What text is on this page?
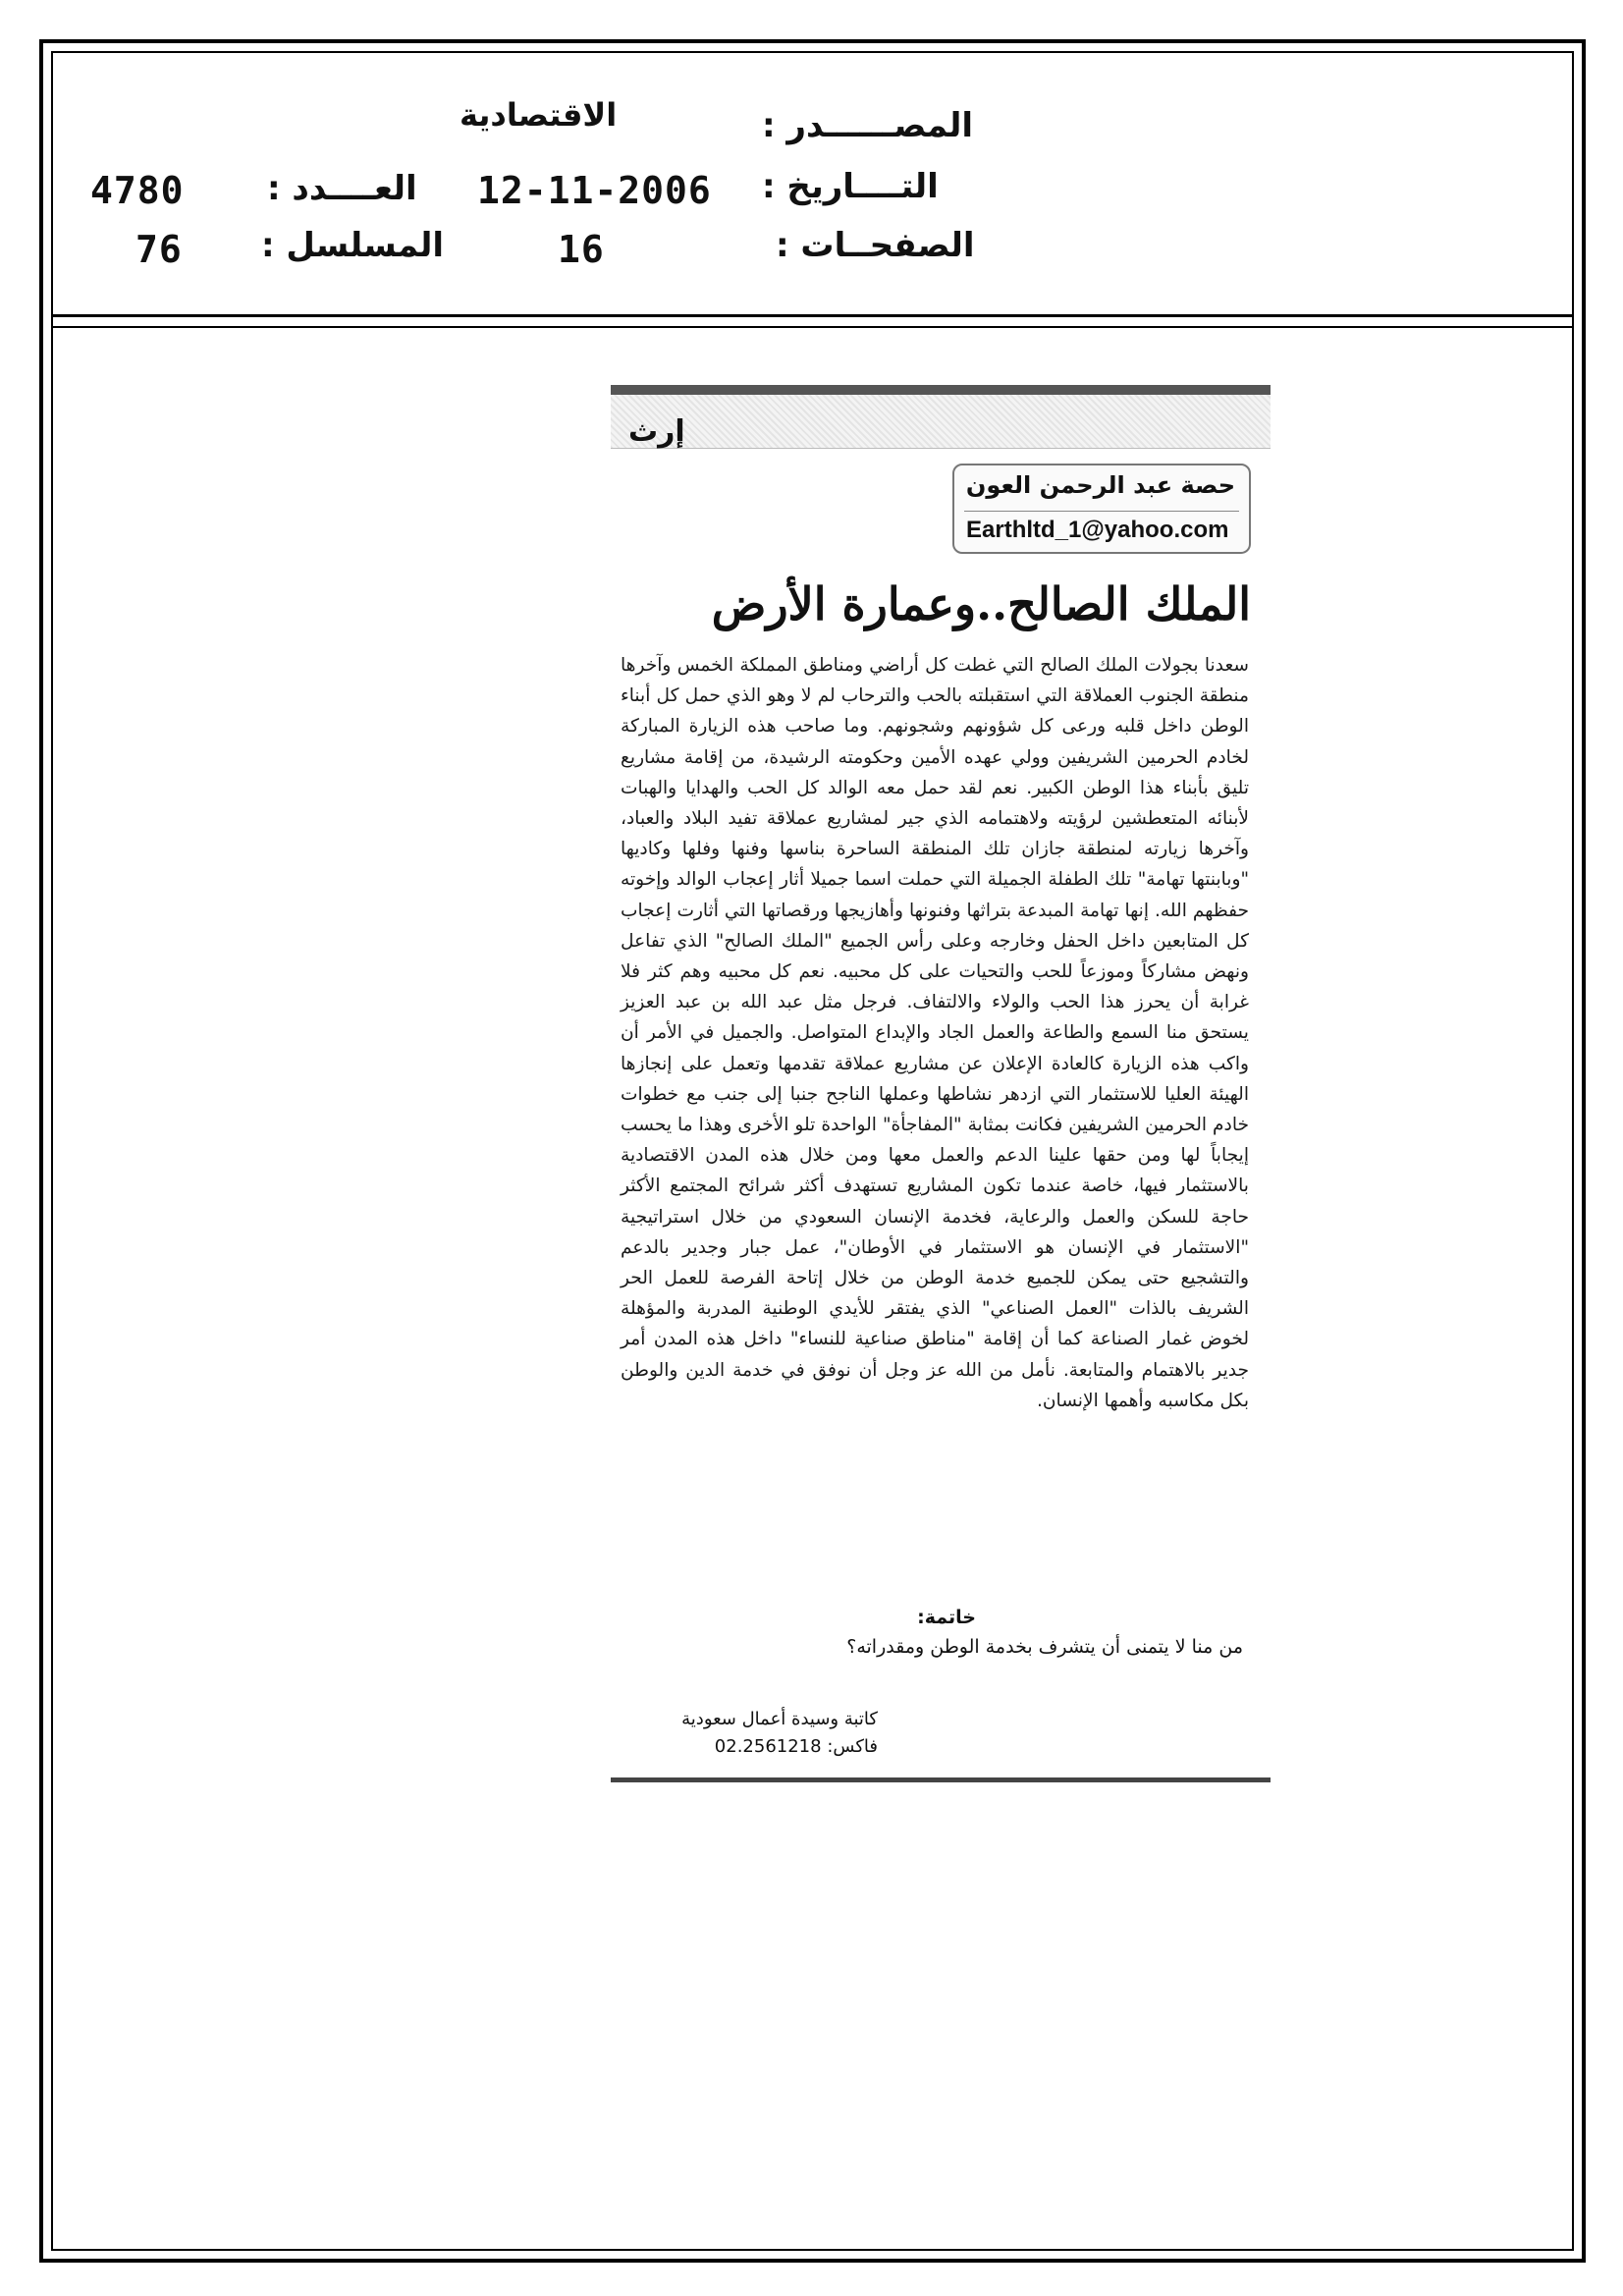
المصــــــدر :
الاقتصادية
التــــاريخ :
12-11-2006
الصفحــات :
16
العــــدد :
4780
المسلسل :
76
إرث
حصة عبد الرحمن العون
Earthltd_1@yahoo.com
الملك الصالح..وعمارة الأرض
سعدنا بجولات الملك الصالح التي غطت كل أراضي ومناطق المملكة الخمس وآخرها منطقة الجنوب العملاقة التي استقبلته بالحب والترحاب لم لا وهو الذي حمل كل أبناء الوطن داخل قلبه ورعى كل شؤونهم وشجونهم. وما صاحب هذه الزيارة المباركة لخادم الحرمين الشريفين وولي عهده الأمين وحكومته الرشيدة، من إقامة مشاريع تليق بأبناء هذا الوطن الكبير. نعم لقد حمل معه الوالد كل الحب والهدايا والهبات لأبنائه المتعطشين لرؤيته ولاهتمامه الذي جير لمشاريع عملاقة تفيد البلاد والعباد، وآخرها زيارته لمنطقة جازان تلك المنطقة الساحرة بناسها وفنها وفلها وكاديها "وبابنتها تهامة" تلك الطفلة الجميلة التي حملت اسما جميلا أثار إعجاب الوالد وإخوته حفظهم الله. إنها تهامة المبدعة بتراثها وفنونها وأهازيجها ورقصاتها التي أثارت إعجاب كل المتابعين داخل الحفل وخارجه وعلى رأس الجميع "الملك الصالح" الذي تفاعل ونهض مشاركاً وموزعاً للحب والتحيات على كل محبيه. نعم كل محبيه وهم كثر فلا غرابة أن يحرز هذا الحب والولاء والالتفاف. فرجل مثل عبد الله بن عبد العزيز يستحق منا السمع والطاعة والعمل الجاد والإبداع المتواصل. والجميل في الأمر أن واكب هذه الزيارة كالعادة الإعلان عن مشاريع عملاقة تقدمها وتعمل على إنجازها الهيئة العليا للاستثمار التي ازدهر نشاطها وعملها الناجح جنبا إلى جنب مع خطوات خادم الحرمين الشريفين فكانت بمثابة "المفاجأة" الواحدة تلو الأخرى وهذا ما يحسب إيجاباً لها ومن حقها علينا الدعم والعمل معها ومن خلال هذه المدن الاقتصادية بالاستثمار فيها، خاصة عندما تكون المشاريع تستهدف أكثر شرائح المجتمع الأكثر حاجة للسكن والعمل والرعاية، فخدمة الإنسان السعودي من خلال استراتيجية "الاستثمار في الإنسان هو الاستثمار في الأوطان"، عمل جبار وجدير بالدعم والتشجيع حتى يمكن للجميع خدمة الوطن من خلال إتاحة الفرصة للعمل الحر الشريف بالذات "العمل الصناعي" الذي يفتقر للأيدي الوطنية المدربة والمؤهلة لخوض غمار الصناعة كما أن إقامة "مناطق صناعية للنساء" داخل هذه المدن أمر جدير بالاهتمام والمتابعة. نأمل من الله عز وجل أن نوفق في خدمة الدين والوطن بكل مكاسبه وأهمها الإنسان.
خاتمة:
من منا لا يتمنى أن يتشرف بخدمة الوطن ومقدراته؟
كاتبة وسيدة أعمال سعودية
فاكس: 02.2561218
